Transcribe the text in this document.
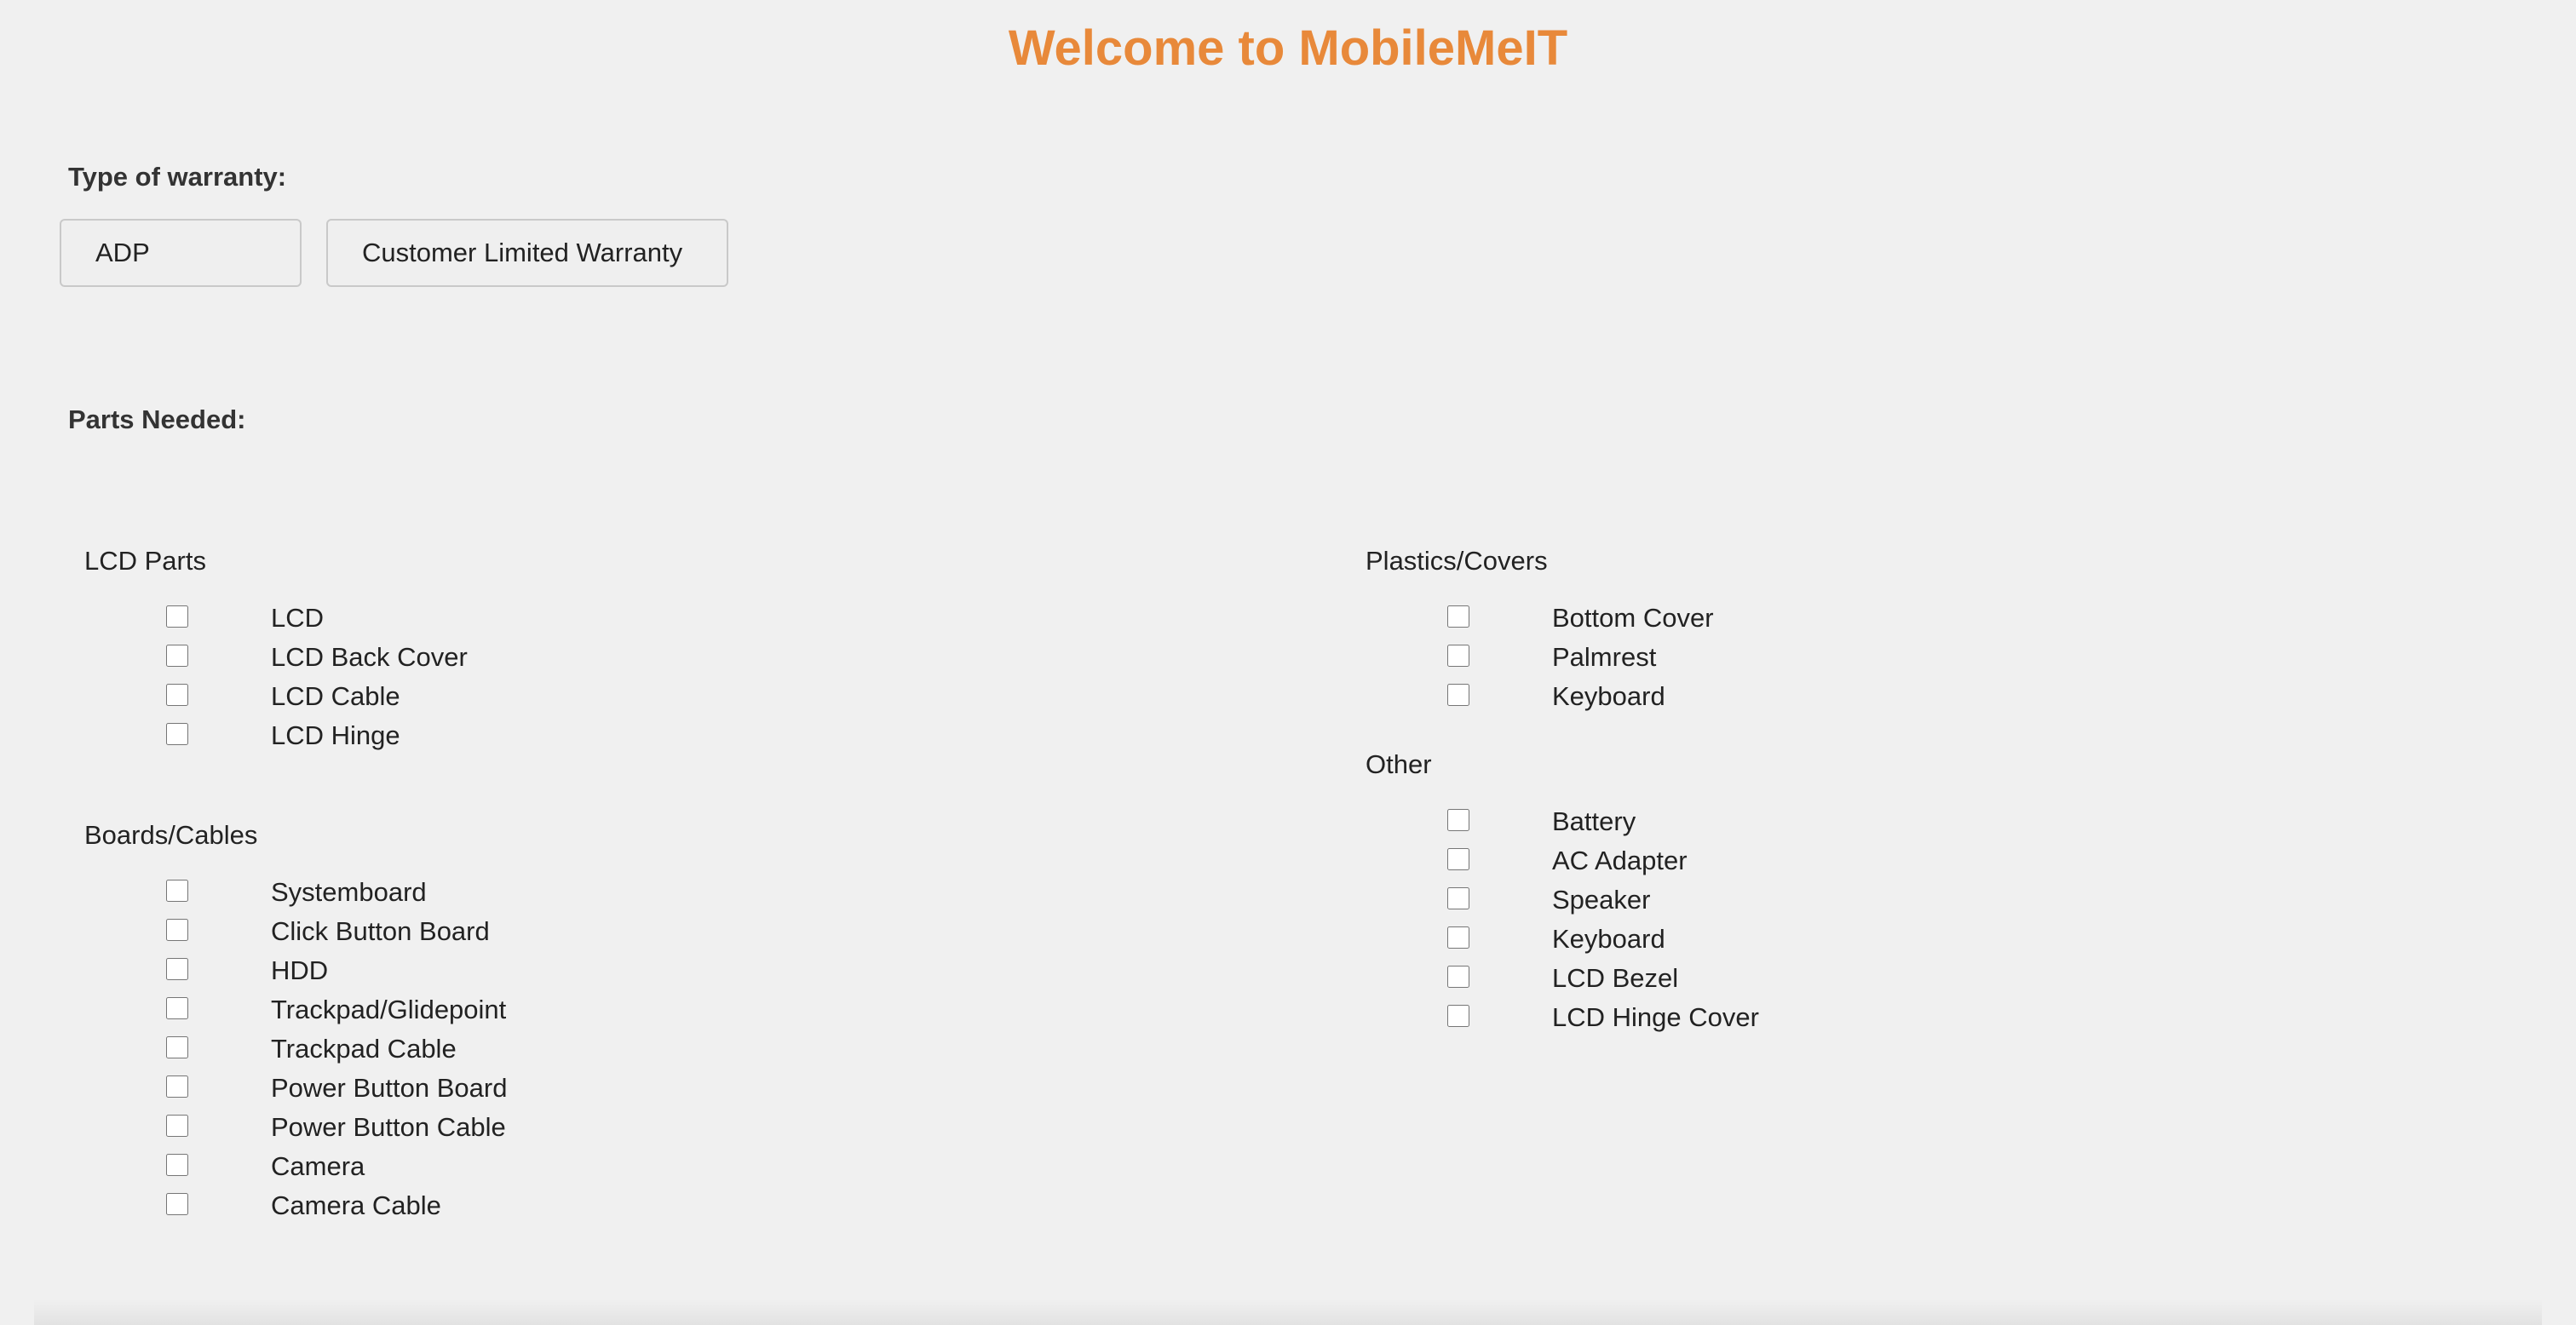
Welcome to MobileMeIT
Type of warranty:
ADP	Customer Limited Warranty
Parts Needed:
LCD Parts
LCD
LCD Back Cover
LCD Cable
LCD Hinge
Boards/Cables
Systemboard
Click Button Board
HDD
Trackpad/Glidepoint
Trackpad Cable
Power Button Board
Power Button Cable
Camera
Camera Cable
Plastics/Covers
Bottom Cover
Palmrest
Keyboard
Other
Battery
AC Adapter
Speaker
Keyboard
LCD Bezel
LCD Hinge Cover
